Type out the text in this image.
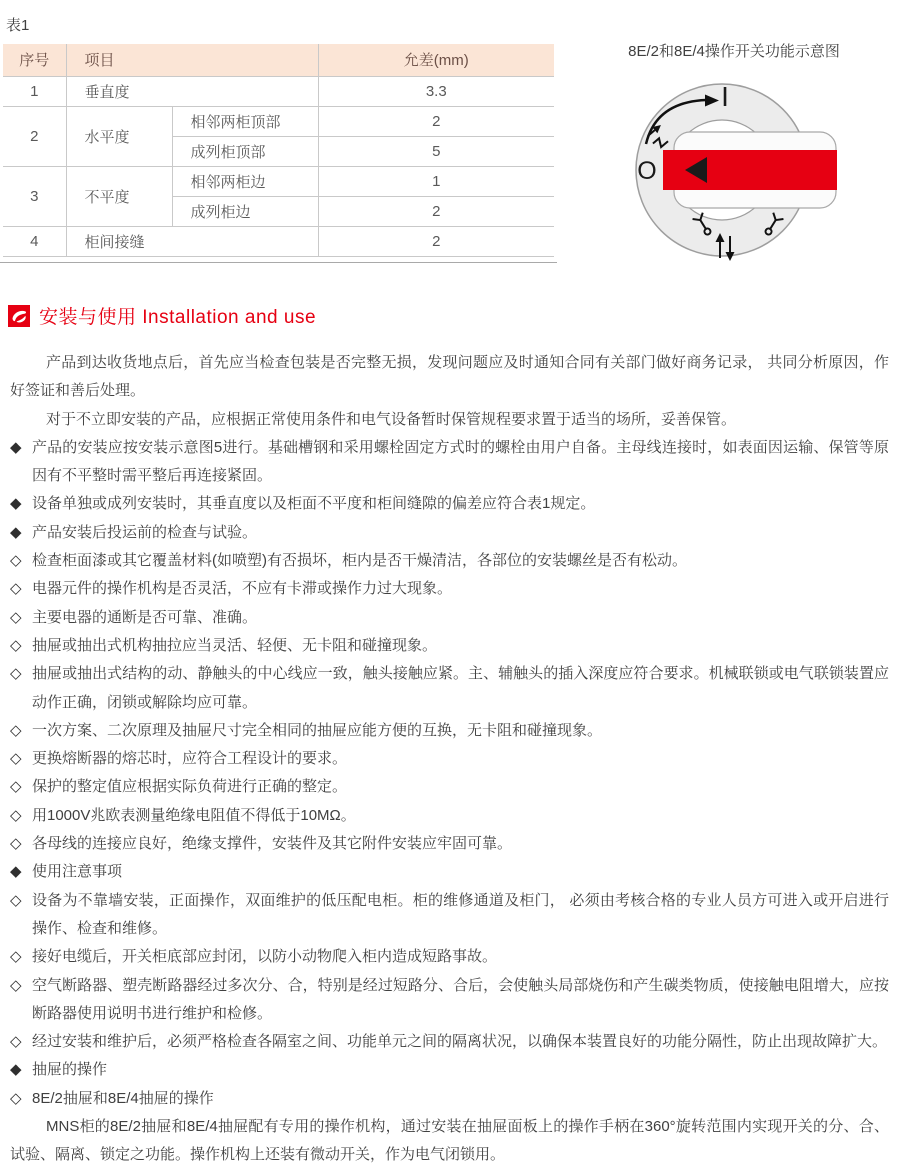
表1
序号	项目		允差(mm)
1	垂直度		3.3
2	水平度	相邻两柜顶部	2
		成列柜顶部	5
3	不平度	相邻两柜边	1
		成列柜边	2
4	柜间接缝		2
8E/2和8E/4操作开关功能示意图
I
O
安装与使用 Installation and use
产品到达收货地点后，首先应当检查包装是否完整无损，发现问题应及时通知合同有关部门做好商务记录， 共同分析原因，作好签证和善后处理。
对于不立即安装的产品，应根据正常使用条件和电气设备暂时保管规程要求置于适当的场所，妥善保管。
◆ 产品的安装应按安装示意图5进行。基础槽钢和采用螺栓固定方式时的螺栓由用户自备。主母线连接时，如表面因运输、保管等原因有不平整时需平整后再连接紧固。
◆ 设备单独或成列安装时，其垂直度以及柜面不平度和柜间缝隙的偏差应符合表1规定。
◆ 产品安装后投运前的检查与试验。
◇ 检查柜面漆或其它覆盖材料(如喷塑)有否损坏，柜内是否干燥清洁，各部位的安装螺丝是否有松动。
◇ 电器元件的操作机构是否灵活，不应有卡滞或操作力过大现象。
◇ 主要电器的通断是否可靠、准确。
◇ 抽屉或抽出式机构抽拉应当灵活、轻便、无卡阻和碰撞现象。
◇ 抽屉或抽出式结构的动、静触头的中心线应一致，触头接触应紧。主、辅触头的插入深度应符合要求。机械联锁或电气联锁装置应动作正确，闭锁或解除均应可靠。
◇ 一次方案、二次原理及抽屉尺寸完全相同的抽屉应能方便的互换，无卡阻和碰撞现象。
◇ 更换熔断器的熔芯时，应符合工程设计的要求。
◇ 保护的整定值应根据实际负荷进行正确的整定。
◇ 用1000V兆欧表测量绝缘电阻值不得低于10MΩ。
◇ 各母线的连接应良好，绝缘支撑件，安装件及其它附件安装应牢固可靠。
◆ 使用注意事项
◇ 设备为不靠墙安装，正面操作，双面维护的低压配电柜。柜的维修通道及柜门， 必须由考核合格的专业人员方可进入或开启进行操作、检查和维修。
◇ 接好电缆后，开关柜底部应封闭，以防小动物爬入柜内造成短路事故。
◇ 空气断路器、塑壳断路器经过多次分、合，特别是经过短路分、合后，会使触头局部烧伤和产生碳类物质，使接触电阻增大，应按断路器使用说明书进行维护和检修。
◇ 经过安装和维护后，必须严格检查各隔室之间、功能单元之间的隔离状况，以确保本装置良好的功能分隔性，防止出现故障扩大。
◆ 抽屉的操作
◇ 8E/2抽屉和8E/4抽屉的操作
MNS柜的8E/2抽屉和8E/4抽屉配有专用的操作机构，通过安装在抽屉面板上的操作手柄在360°旋转范围内实现开关的分、合、试验、隔离、锁定之功能。操作机构上还装有微动开关，作为电气闭锁用。
